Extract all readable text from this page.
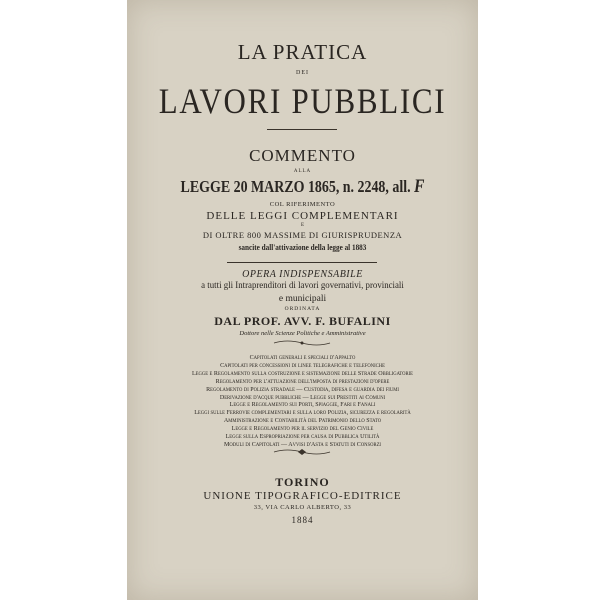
LA PRATICA
DEI
LAVORI PUBBLICI
COMMENTO
ALLA
LEGGE 20 MARZO 1865, n. 2248, all. F
COL RIFERIMENTO
DELLE LEGGI COMPLEMENTARI
E
DI OLTRE 800 MASSIME DI GIURISPRUDENZA
sancite dall'attivazione della legge al 1883
OPERA INDISPENSABILE
a tutti gli Intraprenditori di lavori governativi, provinciali
e municipali
ORDINATA
DAL PROF. AVV. F. BUFALINI
Dottore nelle Scienze Politiche e Amministrative
Capitolati generali e speciali d'Appalto
Capitolati per concessioni di linee telegrafiche e telefoniche
Legge e Regolamento sulla costruzione e sistemazione delle Strade Obbligatorie
Regolamento per l'attuazione dell'imposta di prestazioni d'opere
Regolamento di Polizia stradale — Custodia, difesa e guardia dei fiumi
Derivazione d'acque pubbliche — Legge sui Prestiti ai Comuni
Legge e Regolamento sui Porti, Spiaggie, Fari e Fanali
Leggi sulle Ferrovie complementari e sulla loro Polizia, sicurezza e regolarità
Amministrazione e Contabilità del Patrimonio dello Stato
Legge e Regolamento per il servizio del Genio Civile
Legge sulla Espropriazione per causa di Pubblica Utilità
Moduli di Capitolati — Avvisi d'Asta e Statuti di Consorzi
TORINO
UNIONE TIPOGRAFICO-EDITRICE
33, VIA CARLO ALBERTO, 33
1884
